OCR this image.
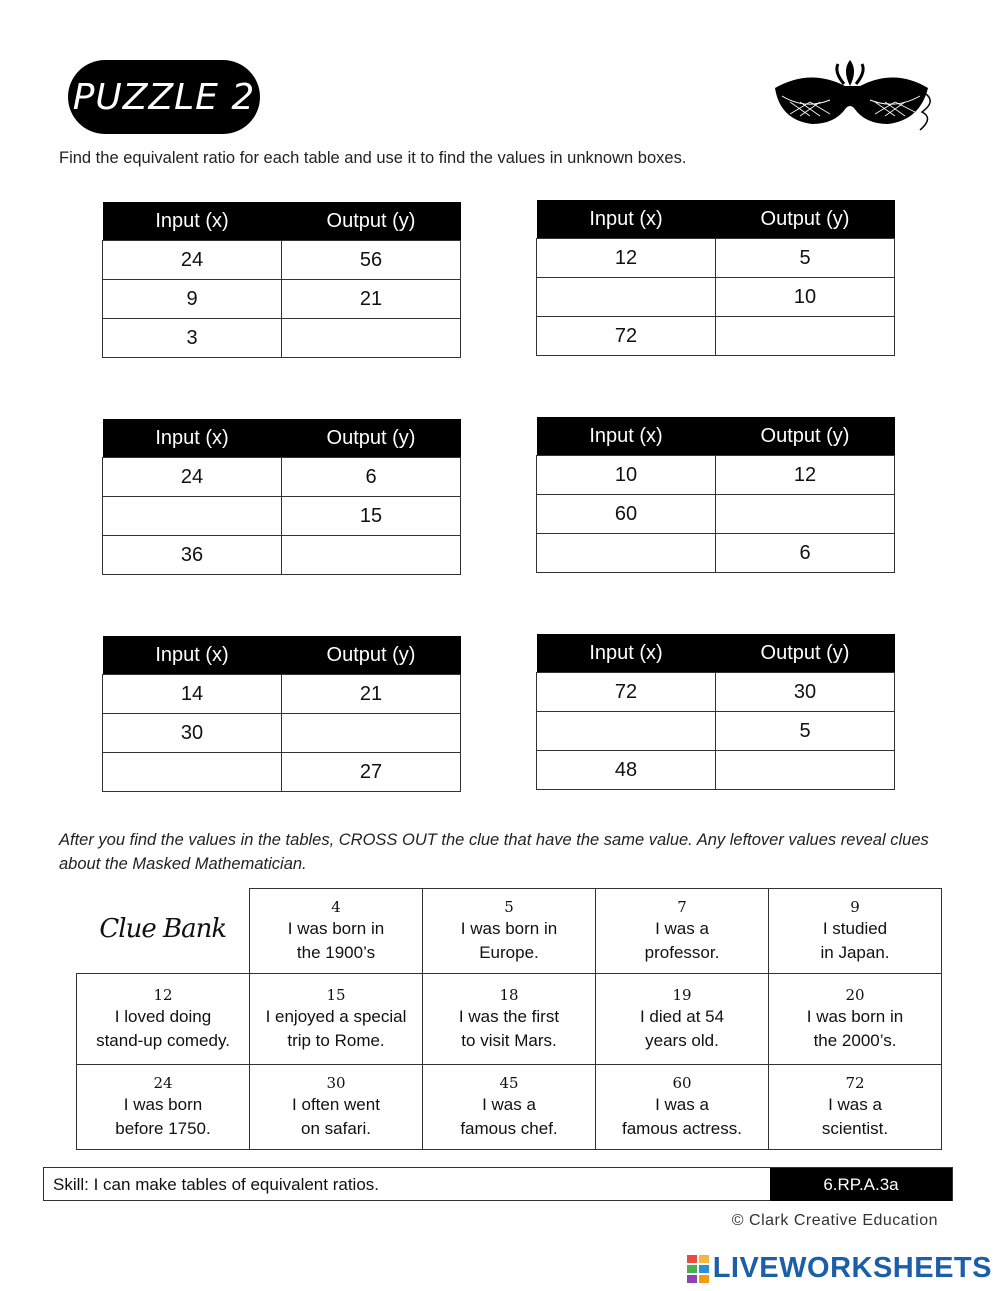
PUZZLE 2
Find the equivalent ratio for each table and use it to find the values in unknown boxes.
Input (x)	Output (y)
24	56
9	21
3	
Input (x)	Output (y)
12	5
	10
72	
Input (x)	Output (y)
24	6
	15
36	
Input (x)	Output (y)
10	12
60	
	6
Input (x)	Output (y)
14	21
30	
	27
Input (x)	Output (y)
72	30
	5
48	
After you find the values in the tables, CROSS OUT the clue that have the same value. Any leftover values reveal clues about the Masked Mathematician.
Clue Bank	4
I was born in
the 1900’s	5
I was born in
Europe.	7
I was a
professor.	9
I studied
in Japan.

12
I loved doing
stand-up comedy.	15
I enjoyed a special
trip to Rome.	18
I was the first
to visit Mars.	19
I died at 54
years old.	20
I was born in
the 2000’s.

24
I was born
before 1750.	30
I often went
on safari.	45
I was a
famous chef.	60
I was a
famous actress.	72
I was a
scientist.
Skill: I can make tables of equivalent ratios.	6.RP.A.3a
© Clark Creative Education
LIVEWORKSHEETS
